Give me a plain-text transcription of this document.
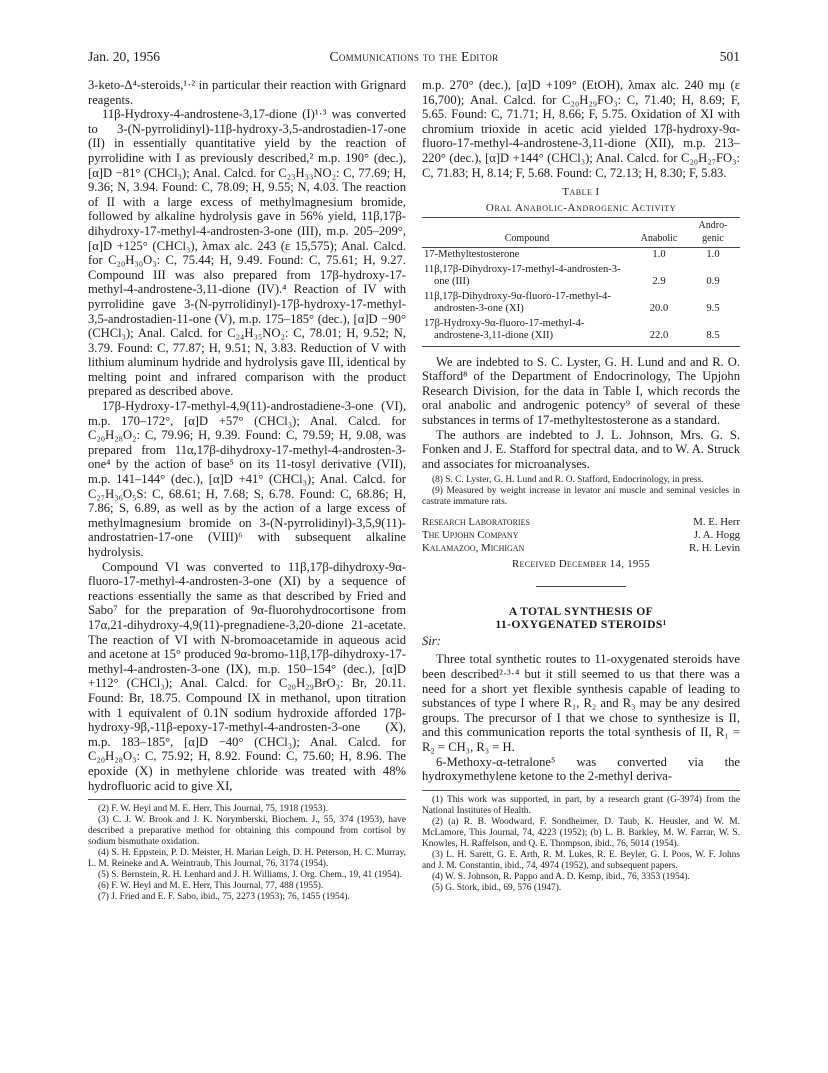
Jan. 20, 1956	Communications to the Editor	501

3-keto-Δ⁴-steroids,¹·² in particular their reaction with Grignard reagents.

11β-Hydroxy-4-androstene-3,17-dione (I)¹·³ was converted to 3-(N-pyrrolidinyl)-11β-hydroxy-3,5-androstadien-17-one (II) in essentially quantitative yield by the reaction of pyrrolidine with I as previously described,² m.p. 190° (dec.), [α]D −81° (CHCl₃); Anal. Calcd. for C₂₃H₃₃NO₂: C, 77.69; H, 9.36; N, 3.94. Found: C, 78.09; H, 9.55; N, 4.03. The reaction of II with a large excess of methylmagnesium bromide, followed by alkaline hydrolysis gave in 56% yield, 11β,17β-dihydroxy-17-methyl-4-androsten-3-one (III), m.p. 205–209°, [α]D +125° (CHCl₃), λmax alc. 243 (ε 15,575); Anal. Calcd. for C₂₀H₃₀O₃: C, 75.44; H, 9.49. Found: C, 75.61; H, 9.27. Compound III was also prepared from 17β-hydroxy-17-methyl-4-androstene-3,11-dione (IV).⁴ Reaction of IV with pyrrolidine gave 3-(N-pyrrolidinyl)-17β-hydroxy-17-methyl-3,5-androstadien-11-one (V), m.p. 175–185° (dec.), [α]D −90° (CHCl₃); Anal. Calcd. for C₂₄H₃₅NO₂: C, 78.01; H, 9.52; N, 3.79. Found: C, 77.87; H, 9.51; N, 3.83. Reduction of V with lithium aluminum hydride and hydrolysis gave III, identical by melting point and infrared comparison with the product prepared as described above.

17β-Hydroxy-17-methyl-4,9(11)-androstadiene-3-one (VI), m.p. 170–172°, [α]D +57° (CHCl₃); Anal. Calcd. for C₂₀H₂₈O₂: C, 79.96; H, 9.39. Found: C, 79.59; H, 9.08, was prepared from 11α,17β-dihydroxy-17-methyl-4-androsten-3-one⁴ by the action of base⁵ on its 11-tosyl derivative (VII), m.p. 141–144° (dec.), [α]D +41° (CHCl₃); Anal. Calcd. for C₂₇H₃₆O₅S: C, 68.61; H, 7.68; S, 6.78. Found: C, 68.86; H, 7.86; S, 6.89, as well as by the action of a large excess of methylmagnesium bromide on 3-(N-pyrrolidinyl)-3,5,9(11)-androstatrien-17-one (VIII)⁶ with subsequent alkaline hydrolysis.

Compound VI was converted to 11β,17β-dihydroxy-9α-fluoro-17-methyl-4-androsten-3-one (XI) by a sequence of reactions essentially the same as that described by Fried and Sabo⁷ for the preparation of 9α-fluorohydrocortisone from 17α,21-dihydroxy-4,9(11)-pregnadiene-3,20-dione 21-acetate. The reaction of VI with N-bromoacetamide in aqueous acid and acetone at 15° produced 9α-bromo-11β,17β-dihydroxy-17-methyl-4-androsten-3-one (IX), m.p. 150–154° (dec.), [α]D +112° (CHCl₃); Anal. Calcd. for C₂₀H₂₉BrO₃: Br, 20.11. Found: Br, 18.75. Compound IX in methanol, upon titration with 1 equivalent of 0.1N sodium hydroxide afforded 17β-hydroxy-9β,-11β-epoxy-17-methyl-4-androsten-3-one (X), m.p. 183–185°, [α]D −40° (CHCl₃); Anal. Calcd. for C₂₀H₂₈O₃: C, 75.92; H, 8.92. Found: C, 75.60; H, 8.96. The epoxide (X) in methylene chloride was treated with 48% hydrofluoric acid to give XI,

(2) F. W. Heyl and M. E. Herr, This Journal, 75, 1918 (1953).

(3) C. J. W. Brook and J. K. Norymberski, Biochem. J., 55, 374 (1953), have described a preparative method for obtaining this compound from cortisol by sodium bismuthate oxidation.

(4) S. H. Eppstein, P. D. Meister, H. Marian Leigh, D. H. Peterson, H. C. Murray, L. M. Reineke and A. Weintraub, This Journal, 76, 3174 (1954).

(5) S. Bernstein, R. H. Lenhard and J. H. Williams, J. Org. Chem., 19, 41 (1954).

(6) F. W. Heyl and M. E. Herr, This Journal, 77, 488 (1955).

(7) J. Fried and E. F. Sabo, ibid., 75, 2273 (1953); 76, 1455 (1954).

m.p. 270° (dec.), [α]D +109° (EtOH), λmax alc. 240 mμ (ε 16,700); Anal. Calcd. for C₂₀H₂₉FO₃: C, 71.40; H, 8.69; F, 5.65. Found: C, 71.71; H, 8.66; F, 5.75. Oxidation of XI with chromium trioxide in acetic acid yielded 17β-hydroxy-9α-fluoro-17-methyl-4-androstene-3,11-dione (XII), m.p. 213–220° (dec.), [α]D +144° (CHCl₃); Anal. Calcd. for C₂₀H₂₇FO₃: C, 71.83; H, 8.14; F, 5.68. Found: C, 72.13; H, 8.30; F, 5.83.

Table I
Oral Anabolic-Androgenic Activity
Compound	Anabolic	Andro-genic
17-Methyltestosterone	1.0	1.0
11β,17β-Dihydroxy-17-methyl-4-androsten-3-one (III)	2.9	0.9
11β,17β-Dihydroxy-9α-fluoro-17-methyl-4-androsten-3-one (XI)	20.0	9.5
17β-Hydroxy-9α-fluoro-17-methyl-4-androstene-3,11-dione (XII)	22.0	8.5

We are indebted to S. C. Lyster, G. H. Lund and and R. O. Stafford⁸ of the Department of Endocrinology, The Upjohn Research Division, for the data in Table I, which records the oral anabolic and androgenic potency⁹ of several of these substances in terms of 17-methyltestosterone as a standard.

The authors are indebted to J. L. Johnson, Mrs. G. S. Fonken and J. E. Stafford for spectral data, and to W. A. Struck and associates for microanalyses.

(8) S. C. Lyster, G. H. Lund and R. O. Stafford, Endocrinology, in press.

(9) Measured by weight increase in levator ani muscle and seminal vesicles in castrate immature rats.

Research Laboratories
The Upjohn Company
Kalamazoo, Michigan
M. E. Herr
J. A. Hogg
R. H. Levin
Received December 14, 1955
A TOTAL SYNTHESIS OF
11-OXYGENATED STEROIDS¹
Sir:

Three total synthetic routes to 11-oxygenated steroids have been described²·³·⁴ but it still seemed to us that there was a need for a short yet flexible synthesis capable of leading to substances of type I where R₁, R₂ and R₃ may be any desired groups. The precursor of I that we chose to synthesize is II, and this communication reports the total synthesis of II, R₁ = R₂ = CH₃, R₃ = H.

6-Methoxy-α-tetralone⁵ was converted via the hydroxymethylene ketone to the 2-methyl deriva-

(1) This work was supported, in part, by a research grant (G-3974) from the National Institutes of Health.

(2) (a) R. B. Woodward, F. Sondheimer, D. Taub, K. Heusler, and W. M. McLamore, This Journal, 74, 4223 (1952); (b) L. B. Barkley, M. W. Farrar, W. S. Knowles, H. Raffelson, and Q. E. Thompson, ibid., 76, 5014 (1954).

(3) L. H. Sarett, G. E. Arth, R. M. Lukes, R. E. Beyler, G. I. Poos, W. F. Johns and J. M. Constantin, ibid., 74, 4974 (1952), and subsequent papers.

(4) W. S. Johnson, R. Pappo and A. D. Kemp, ibid., 76, 3353 (1954).

(5) G. Stork, ibid., 69, 576 (1947).
